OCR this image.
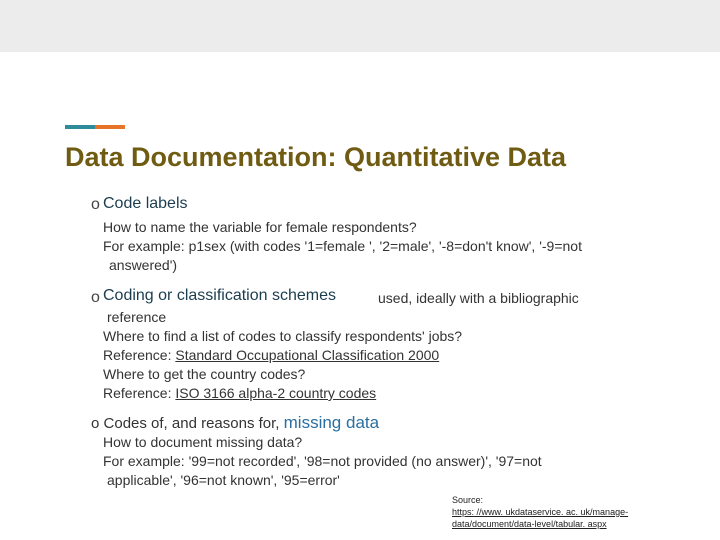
Data Documentation: Quantitative Data
o Code labels
How to name the variable for female respondents?
For example: p1sex (with codes '1=female ', '2=male', '-8=don't know', '-9=not
answered')
o Coding or classification schemes	used, ideally with a bibliographic
reference
Where to find a list of codes to classify respondents' jobs?
Reference: Standard Occupational Classification 2000
Where to get the country codes?
Reference: ISO 3166 alpha-2 country codes
o Codes of, and reasons for, missing data
How to document missing data?
For example: '99=not recorded', '98=not provided (no answer)', '97=not
applicable', '96=not known', '95=error'
Source:
https: //www. ukdataservice. ac. uk/manage-
data/document/data-level/tabular. aspx
